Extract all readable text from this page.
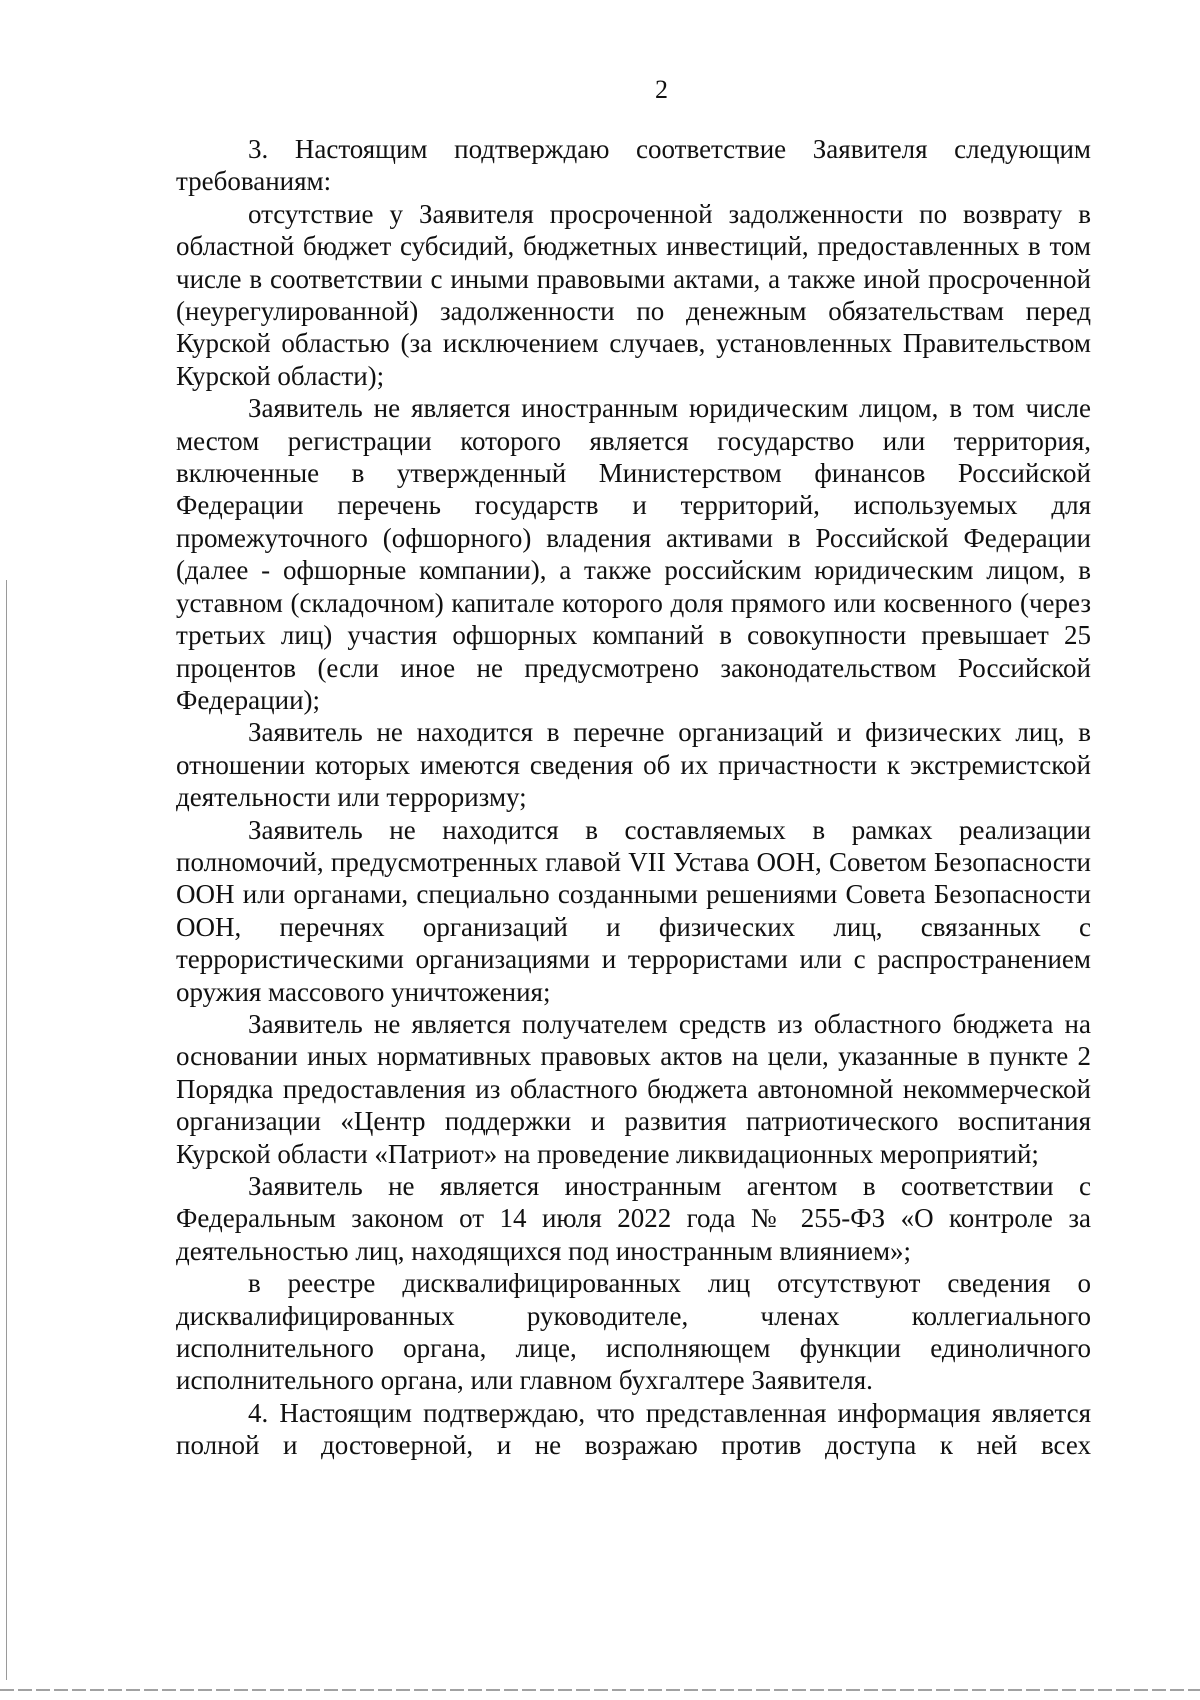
2

3. Настоящим подтверждаю соответствие Заявителя следующим требованиям:

отсутствие у Заявителя просроченной задолженности по возврату в областной бюджет субсидий, бюджетных инвестиций, предоставленных в том числе в соответствии с иными правовыми актами, а также иной просроченной (неурегулированной) задолженности по денежным обязательствам перед Курской областью (за исключением случаев, установленных Правительством Курской области);

Заявитель не является иностранным юридическим лицом, в том числе местом регистрации которого является государство или территория, включенные в утвержденный Министерством финансов Российской Федерации перечень государств и территорий, используемых для промежуточного (офшорного) владения активами в Российской Федерации (далее - офшорные компании), а также российским юридическим лицом, в уставном (складочном) капитале которого доля прямого или косвенного (через третьих лиц) участия офшорных компаний в совокупности превышает 25 процентов (если иное не предусмотрено законодательством Российской Федерации);

Заявитель не находится в перечне организаций и физических лиц, в отношении которых имеются сведения об их причастности к экстремистской деятельности или терроризму;

Заявитель не находится в составляемых в рамках реализации полномочий, предусмотренных главой VII Устава ООН, Советом Безопасности ООН или органами, специально созданными решениями Совета Безопасности ООН, перечнях организаций и физических лиц, связанных с террористическими организациями и террористами или с распространением оружия массового уничтожения;

Заявитель не является получателем средств из областного бюджета на основании иных нормативных правовых актов на цели, указанные в пункте 2 Порядка предоставления из областного бюджета автономной некоммерческой организации «Центр поддержки и развития патриотического воспитания Курской области «Патриот» на проведение ликвидационных мероприятий;

Заявитель не является иностранным агентом в соответствии с Федеральным законом от 14 июля 2022 года № 255-ФЗ «О контроле за деятельностью лиц, находящихся под иностранным влиянием»;

в реестре дисквалифицированных лиц отсутствуют сведения о дисквалифицированных руководителе, членах коллегиального исполнительного органа, лице, исполняющем функции единоличного исполнительного органа, или главном бухгалтере Заявителя.

4. Настоящим подтверждаю, что представленная информация является полной и достоверной, и не возражаю против доступа к ней всех
